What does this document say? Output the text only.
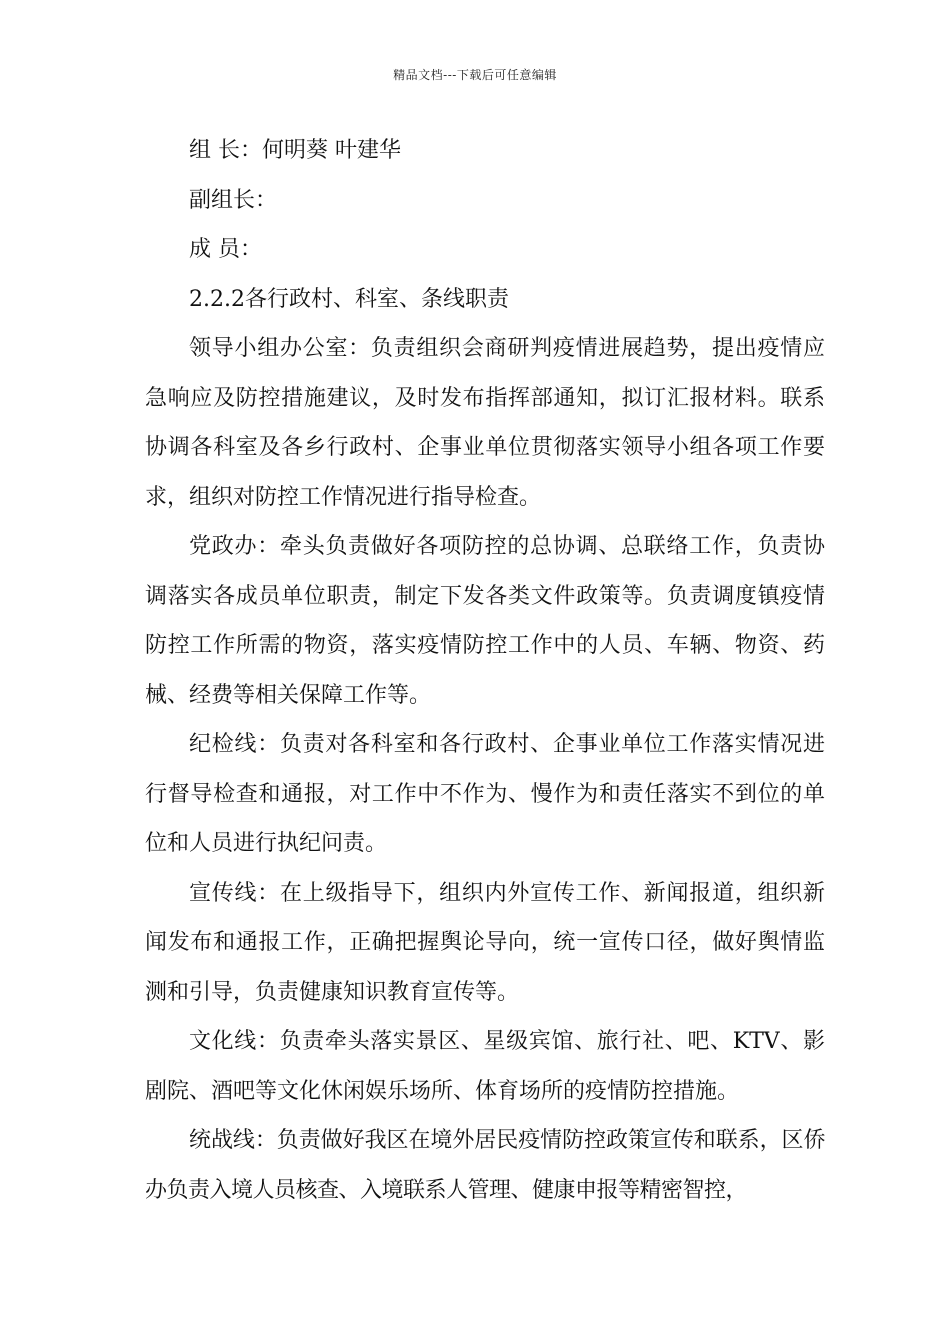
精品文档---下载后可任意编辑

组 长：何明葵 叶建华

副组长：

成 员：

2.2.2各行政村、科室、条线职责

领导小组办公室：负责组织会商研判疫情进展趋势，提出疫情应急响应及防控措施建议，及时发布指挥部通知，拟订汇报材料。联系协调各科室及各乡行政村、企事业单位贯彻落实领导小组各项工作要求，组织对防控工作情况进行指导检查。

党政办：牵头负责做好各项防控的总协调、总联络工作，负责协调落实各成员单位职责，制定下发各类文件政策等。负责调度镇疫情防控工作所需的物资，落实疫情防控工作中的人员、车辆、物资、药械、经费等相关保障工作等。

纪检线：负责对各科室和各行政村、企事业单位工作落实情况进行督导检查和通报，对工作中不作为、慢作为和责任落实不到位的单位和人员进行执纪问责。

宣传线：在上级指导下，组织内外宣传工作、新闻报道，组织新闻发布和通报工作，正确把握舆论导向，统一宣传口径，做好舆情监测和引导，负责健康知识教育宣传等。

文化线：负责牵头落实景区、星级宾馆、旅行社、吧、KTV、影剧院、酒吧等文化休闲娱乐场所、体育场所的疫情防控措施。

统战线：负责做好我区在境外居民疫情防控政策宣传和联系，区侨办负责入境人员核查、入境联系人管理、健康申报等精密智控，
